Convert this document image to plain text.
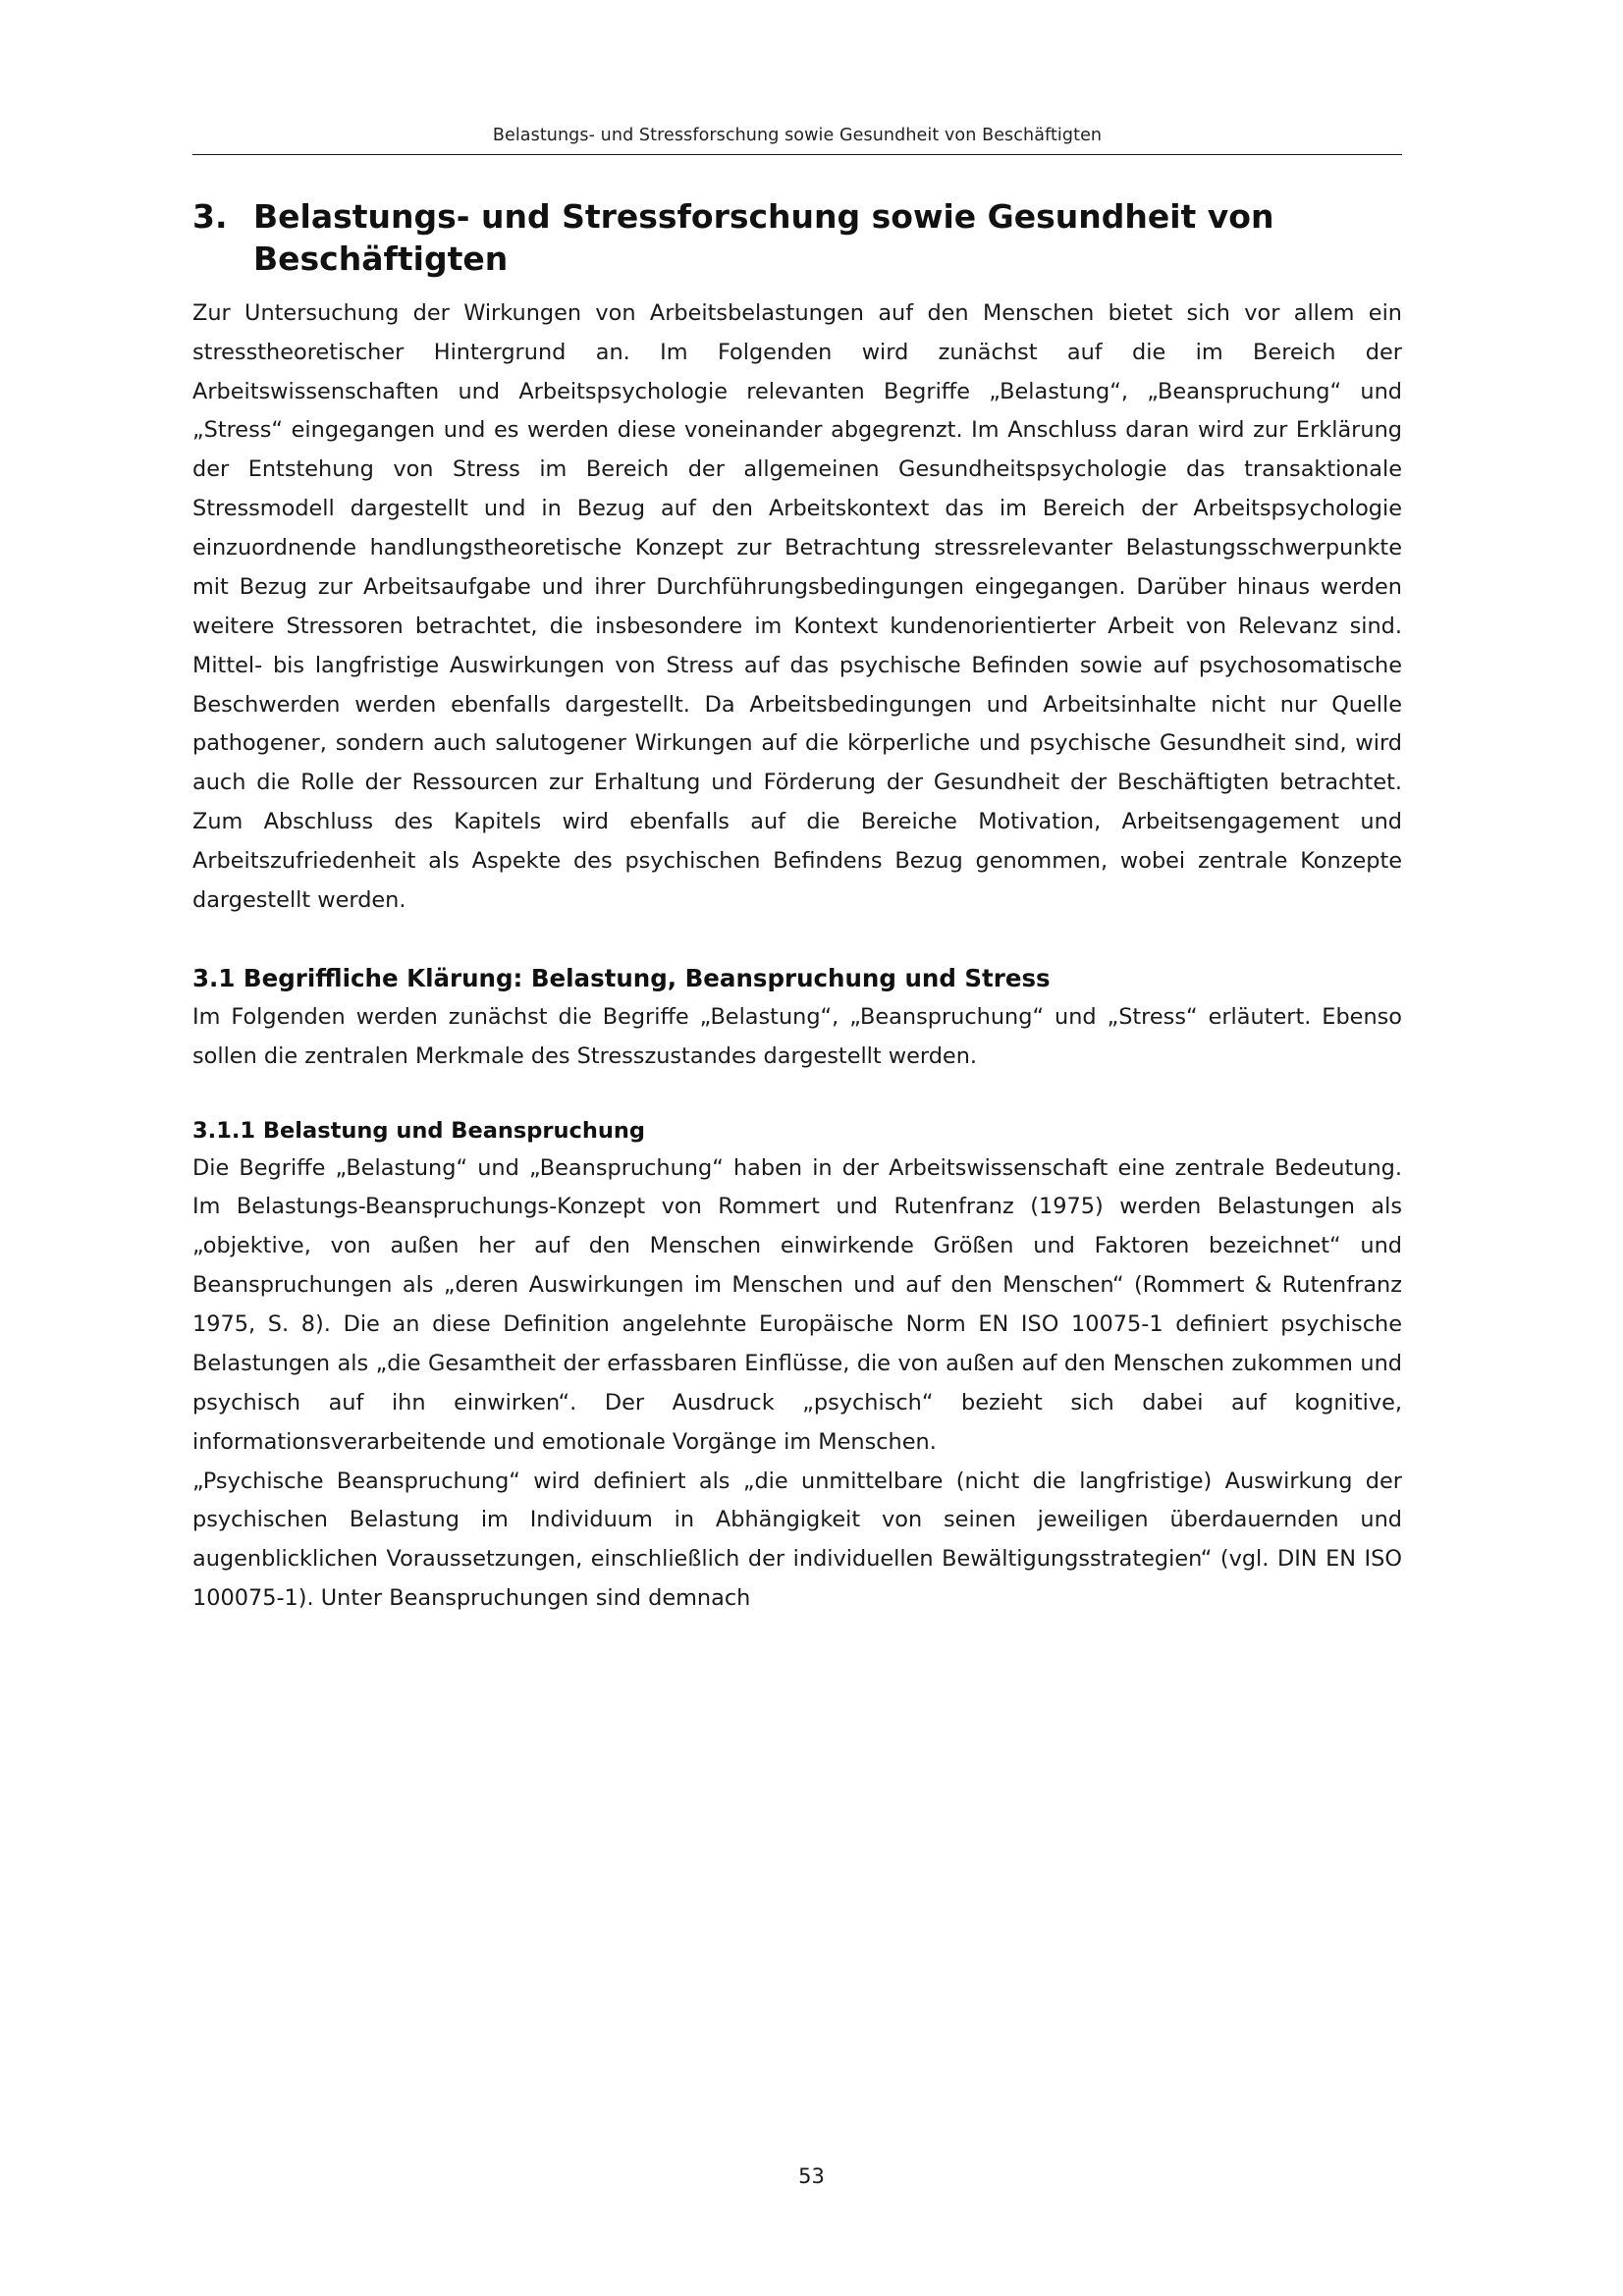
Belastungs- und Stressforschung sowie Gesundheit von Beschäftigten
3. Belastungs- und Stressforschung sowie Gesundheit von Beschäftigten

Zur Untersuchung der Wirkungen von Arbeitsbelastungen auf den Menschen bietet sich vor allem ein stresstheoretischer Hintergrund an. Im Folgenden wird zunächst auf die im Bereich der Arbeitswissenschaften und Arbeitspsychologie relevanten Begriffe „Belastung“, „Beanspruchung“ und „Stress“ eingegangen und es werden diese voneinander abgegrenzt. Im Anschluss daran wird zur Erklärung der Entstehung von Stress im Bereich der allgemeinen Gesundheitspsychologie das transaktionale Stressmodell dargestellt und in Bezug auf den Arbeitskontext das im Bereich der Arbeitspsychologie einzuordnende handlungstheoretische Konzept zur Betrachtung stressrelevanter Belastungsschwerpunkte mit Bezug zur Arbeitsaufgabe und ihrer Durchführungsbedingungen eingegangen. Darüber hinaus werden weitere Stressoren betrachtet, die insbesondere im Kontext kundenorientierter Arbeit von Relevanz sind. Mittel- bis langfristige Auswirkungen von Stress auf das psychische Befinden sowie auf psychosomatische Beschwerden werden ebenfalls dargestellt. Da Arbeitsbedingungen und Arbeitsinhalte nicht nur Quelle pathogener, sondern auch salutogener Wirkungen auf die körperliche und psychische Gesundheit sind, wird auch die Rolle der Ressourcen zur Erhaltung und Förderung der Gesundheit der Beschäftigten betrachtet. Zum Abschluss des Kapitels wird ebenfalls auf die Bereiche Motivation, Arbeitsengagement und Arbeitszufriedenheit als Aspekte des psychischen Befindens Bezug genommen, wobei zentrale Konzepte dargestellt werden.

3.1 Begriffliche Klärung: Belastung, Beanspruchung und Stress

Im Folgenden werden zunächst die Begriffe „Belastung“, „Beanspruchung“ und „Stress“ erläutert. Ebenso sollen die zentralen Merkmale des Stresszustandes dargestellt werden.

3.1.1 Belastung und Beanspruchung

Die Begriffe „Belastung“ und „Beanspruchung“ haben in der Arbeitswissenschaft eine zentrale Bedeutung. Im Belastungs-Beanspruchungs-Konzept von Rommert und Rutenfranz (1975) werden Belastungen als „objektive, von außen her auf den Menschen einwirkende Größen und Faktoren bezeichnet“ und Beanspruchungen als „deren Auswirkungen im Menschen und auf den Menschen“ (Rommert & Rutenfranz 1975, S. 8). Die an diese Definition angelehnte Europäische Norm EN ISO 10075-1 definiert psychische Belastungen als „die Gesamtheit der erfassbaren Einflüsse, die von außen auf den Menschen zukommen und psychisch auf ihn einwirken“. Der Ausdruck „psychisch“ bezieht sich dabei auf kognitive, informationsverarbeitende und emotionale Vorgänge im Menschen.

„Psychische Beanspruchung“ wird definiert als „die unmittelbare (nicht die langfristige) Auswirkung der psychischen Belastung im Individuum in Abhängigkeit von seinen jeweiligen überdauernden und augenblicklichen Voraussetzungen, einschließlich der individuellen Bewältigungsstrategien“ (vgl. DIN EN ISO 100075-1). Unter Beanspruchungen sind demnach

53
